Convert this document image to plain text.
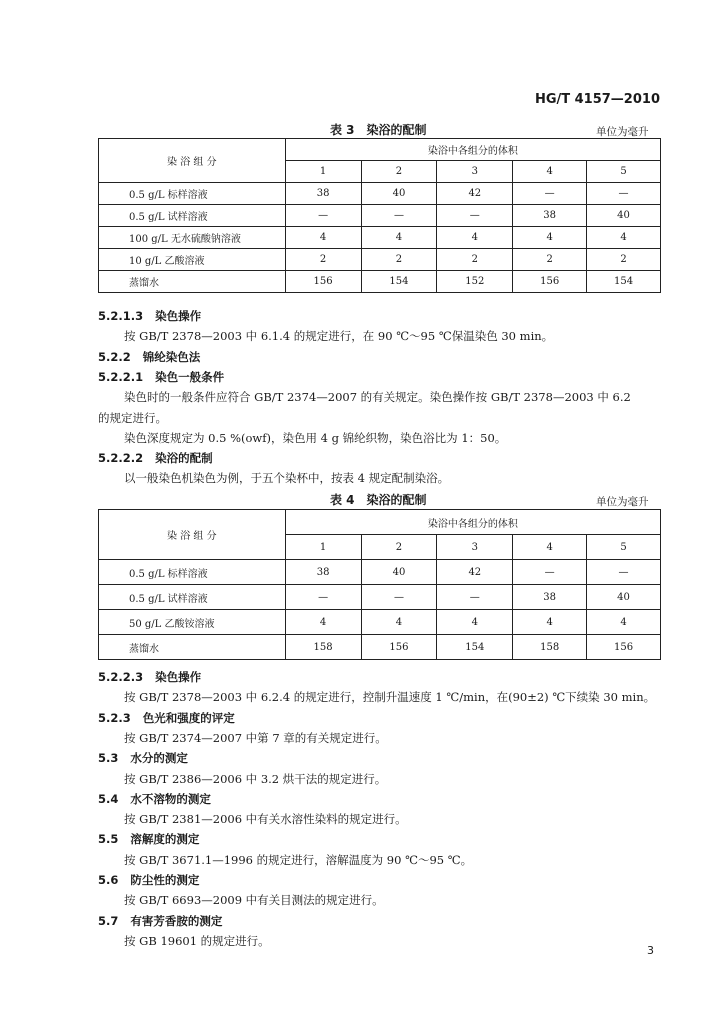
HG/T 4157—2010
表 3　染浴的配制	单位为毫升
染 浴 组 分	染浴中各组分的体积				
	1	2	3	4	5
0.5 g/L 标样溶液	38	40	42	—	—
0.5 g/L 试样溶液	—	—	—	38	40
100 g/L 无水硫酸钠溶液	4	4	4	4	4
10 g/L 乙酸溶液	2	2	2	2	2
蒸馏水	156	154	152	156	154
5.2.1.3 染色操作
按 GB/T 2378—2003 中 6.1.4 的规定进行，在 90 ℃～95 ℃保温染色 30 min。
5.2.2 锦纶染色法
5.2.2.1 染色一般条件
染色时的一般条件应符合 GB/T 2374—2007 的有关规定。染色操作按 GB/T 2378—2003 中 6.2
的规定进行。
染色深度规定为 0.5 %(owf)，染色用 4 g 锦纶织物，染色浴比为 1：50。
5.2.2.2 染浴的配制
以一般染色机染色为例，于五个染杯中，按表 4 规定配制染浴。
表 4　染浴的配制	单位为毫升
染 浴 组 分	染浴中各组分的体积				
	1	2	3	4	5
0.5 g/L 标样溶液	38	40	42	—	—
0.5 g/L 试样溶液	—	—	—	38	40
50 g/L 乙酸铵溶液	4	4	4	4	4
蒸馏水	158	156	154	158	156
5.2.2.3 染色操作
按 GB/T 2378—2003 中 6.2.4 的规定进行，控制升温速度 1 ℃/min，在(90±2) ℃下续染 30 min。
5.2.3 色光和强度的评定
按 GB/T 2374—2007 中第 7 章的有关规定进行。
5.3 水分的测定
按 GB/T 2386—2006 中 3.2 烘干法的规定进行。
5.4 水不溶物的测定
按 GB/T 2381—2006 中有关水溶性染料的规定进行。
5.5 溶解度的测定
按 GB/T 3671.1—1996 的规定进行，溶解温度为 90 ℃～95 ℃。
5.6 防尘性的测定
按 GB/T 6693—2009 中有关目测法的规定进行。
5.7 有害芳香胺的测定
按 GB 19601 的规定进行。
3
